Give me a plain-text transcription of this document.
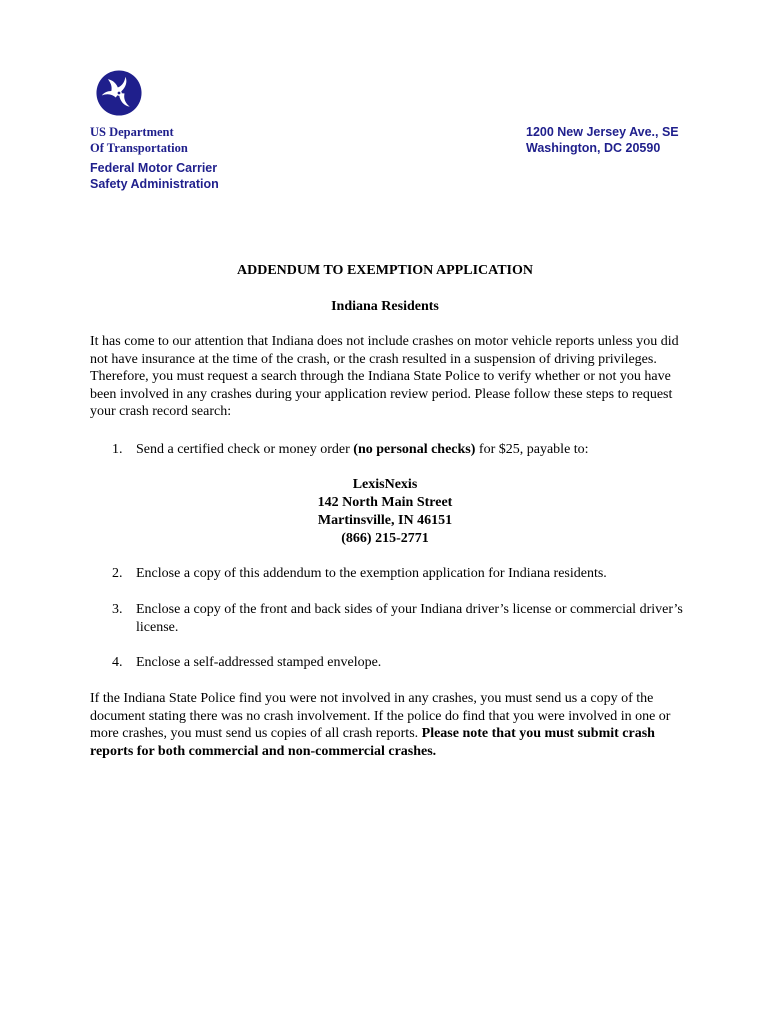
US Department
Of Transportation
Federal Motor Carrier
Safety Administration
1200 New Jersey Ave., SE
Washington, DC 20590
ADDENDUM TO EXEMPTION APPLICATION
Indiana Residents
It has come to our attention that Indiana does not include crashes on motor vehicle reports unless you did not have insurance at the time of the crash, or the crash resulted in a suspension of driving privileges. Therefore, you must request a search through the Indiana State Police to verify whether or not you have been involved in any crashes during your application review period. Please follow these steps to request your crash record search:
1. Send a certified check or money order (no personal checks) for $25, payable to:
LexisNexis
142 North Main Street
Martinsville, IN 46151
(866) 215-2771
2. Enclose a copy of this addendum to the exemption application for Indiana residents.
3. Enclose a copy of the front and back sides of your Indiana driver’s license or commercial driver’s license.
4. Enclose a self-addressed stamped envelope.
If the Indiana State Police find you were not involved in any crashes, you must send us a copy of the document stating there was no crash involvement. If the police do find that you were involved in one or more crashes, you must send us copies of all crash reports. Please note that you must submit crash reports for both commercial and non-commercial crashes.
